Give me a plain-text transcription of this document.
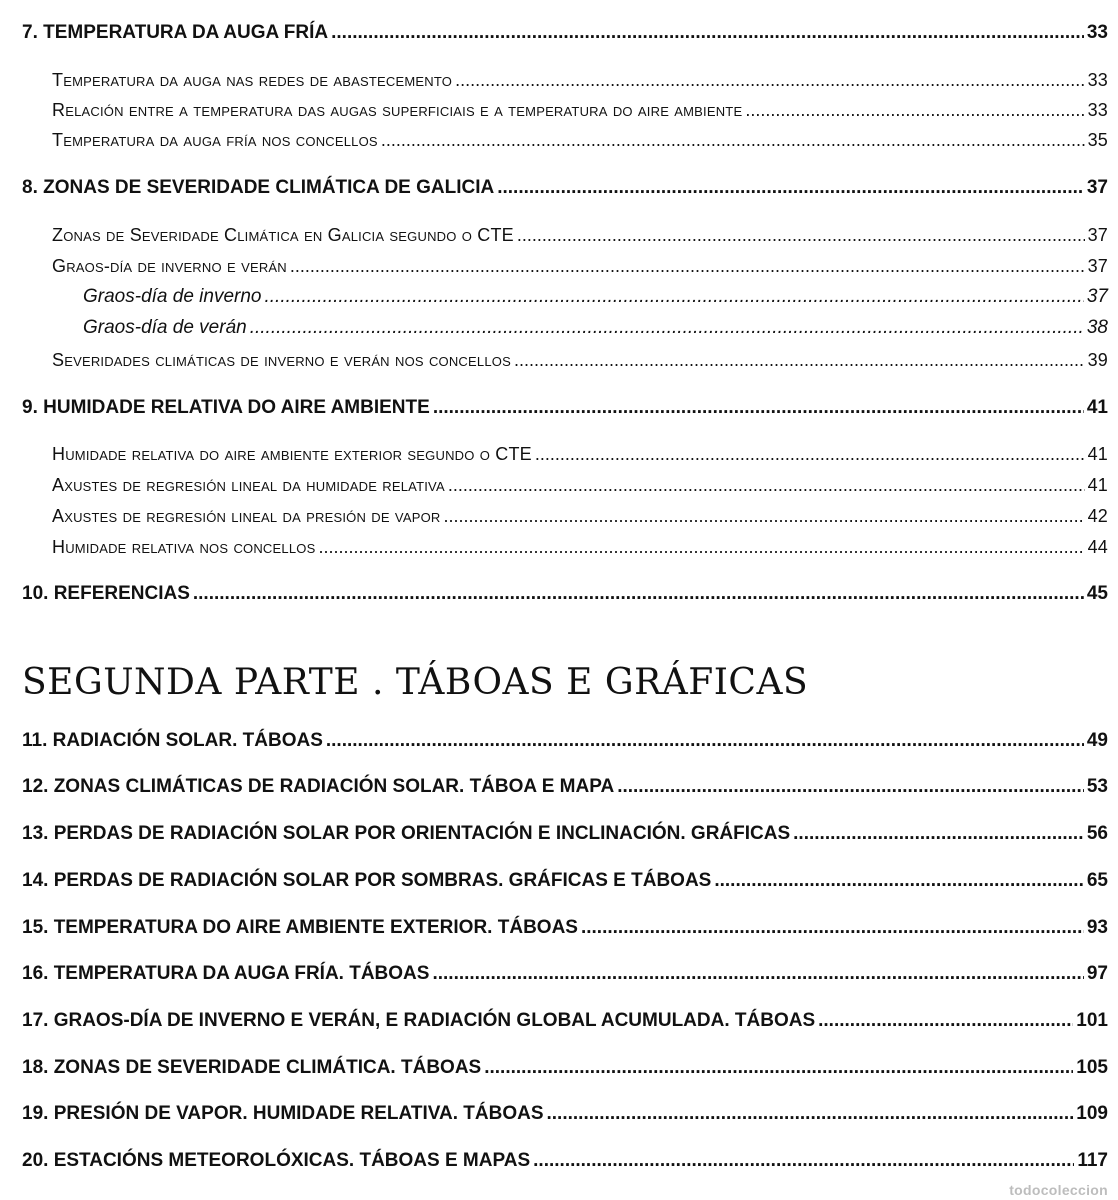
7. TEMPERATURA DA AUGA FRÍA .....	33
Temperatura da auga nas redes de abastecemento .....	33
Relación entre a temperatura das augas superficiais e a temperatura do aire ambiente .....	33
Temperatura da auga fría nos concellos .....	35
8. ZONAS DE SEVERIDADE CLIMÁTICA DE GALICIA .....	37
Zonas de Severidade Climática en Galicia segundo o CTE .....	37
Graos-día de inverno e verán .....	37
Graos-día de inverno .....	37
Graos-día de verán .....	38
Severidades climáticas de inverno e verán nos concellos .....	39
9. HUMIDADE RELATIVA DO AIRE AMBIENTE .....	41
Humidade relativa do aire ambiente exterior segundo o CTE .....	41
Axustes de regresión lineal da humidade relativa .....	41
Axustes de regresión lineal da presión de vapor .....	42
Humidade relativa nos concellos .....	44
10. REFERENCIAS .....	45
SEGUNDA PARTE . TÁBOAS E GRÁFICAS
11. RADIACIÓN SOLAR. TÁBOAS .....	49
12. ZONAS CLIMÁTICAS DE RADIACIÓN SOLAR. TÁBOA E MAPA .....	53
13. PERDAS DE RADIACIÓN SOLAR POR ORIENTACIÓN E INCLINACIÓN. GRÁFICAS .....	56
14. PERDAS DE RADIACIÓN SOLAR POR SOMBRAS. GRÁFICAS E TÁBOAS .....	65
15. TEMPERATURA DO AIRE AMBIENTE EXTERIOR. TÁBOAS .....	93
16. TEMPERATURA DA AUGA FRÍA. TÁBOAS .....	97
17. GRAOS-DÍA DE INVERNO E VERÁN, E RADIACIÓN GLOBAL ACUMULADA. TÁBOAS .....	101
18. ZONAS DE SEVERIDADE CLIMÁTICA. TÁBOAS .....	105
19. PRESIÓN DE VAPOR. HUMIDADE RELATIVA. TÁBOAS .....	109
20. ESTACIÓNS METEOROLÓXICAS. TÁBOAS E MAPAS .....	117
todocoleccion
